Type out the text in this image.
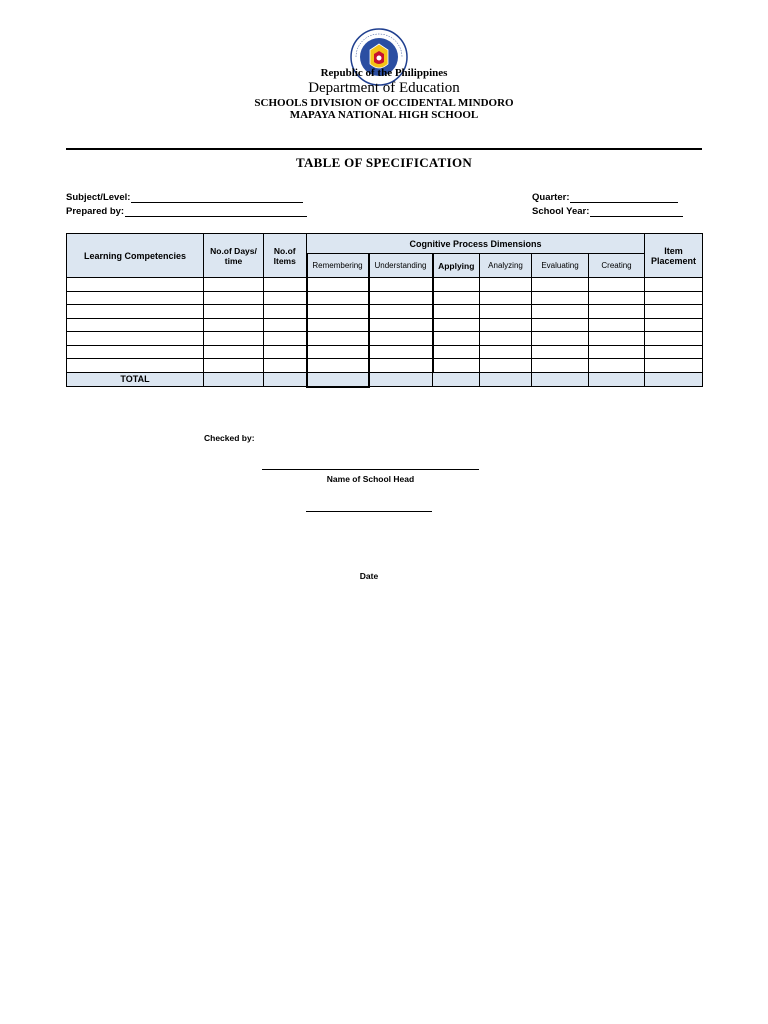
Republic of the Philippines
Department of Education
SCHOOLS DIVISION OF OCCIDENTAL MINDORO
MAPAYA NATIONAL HIGH SCHOOL
TABLE OF SPECIFICATION
Subject/Level:
Prepared by:
Quarter:
School Year:
Learning Competencies	No.of Days/ time	No.of Items	Cognitive Process Dimensions						Item Placement
			Remembering	Understanding	Applying	Analyzing	Evaluating	Creating	

TOTAL									
Checked by:
Name of School Head
Date
